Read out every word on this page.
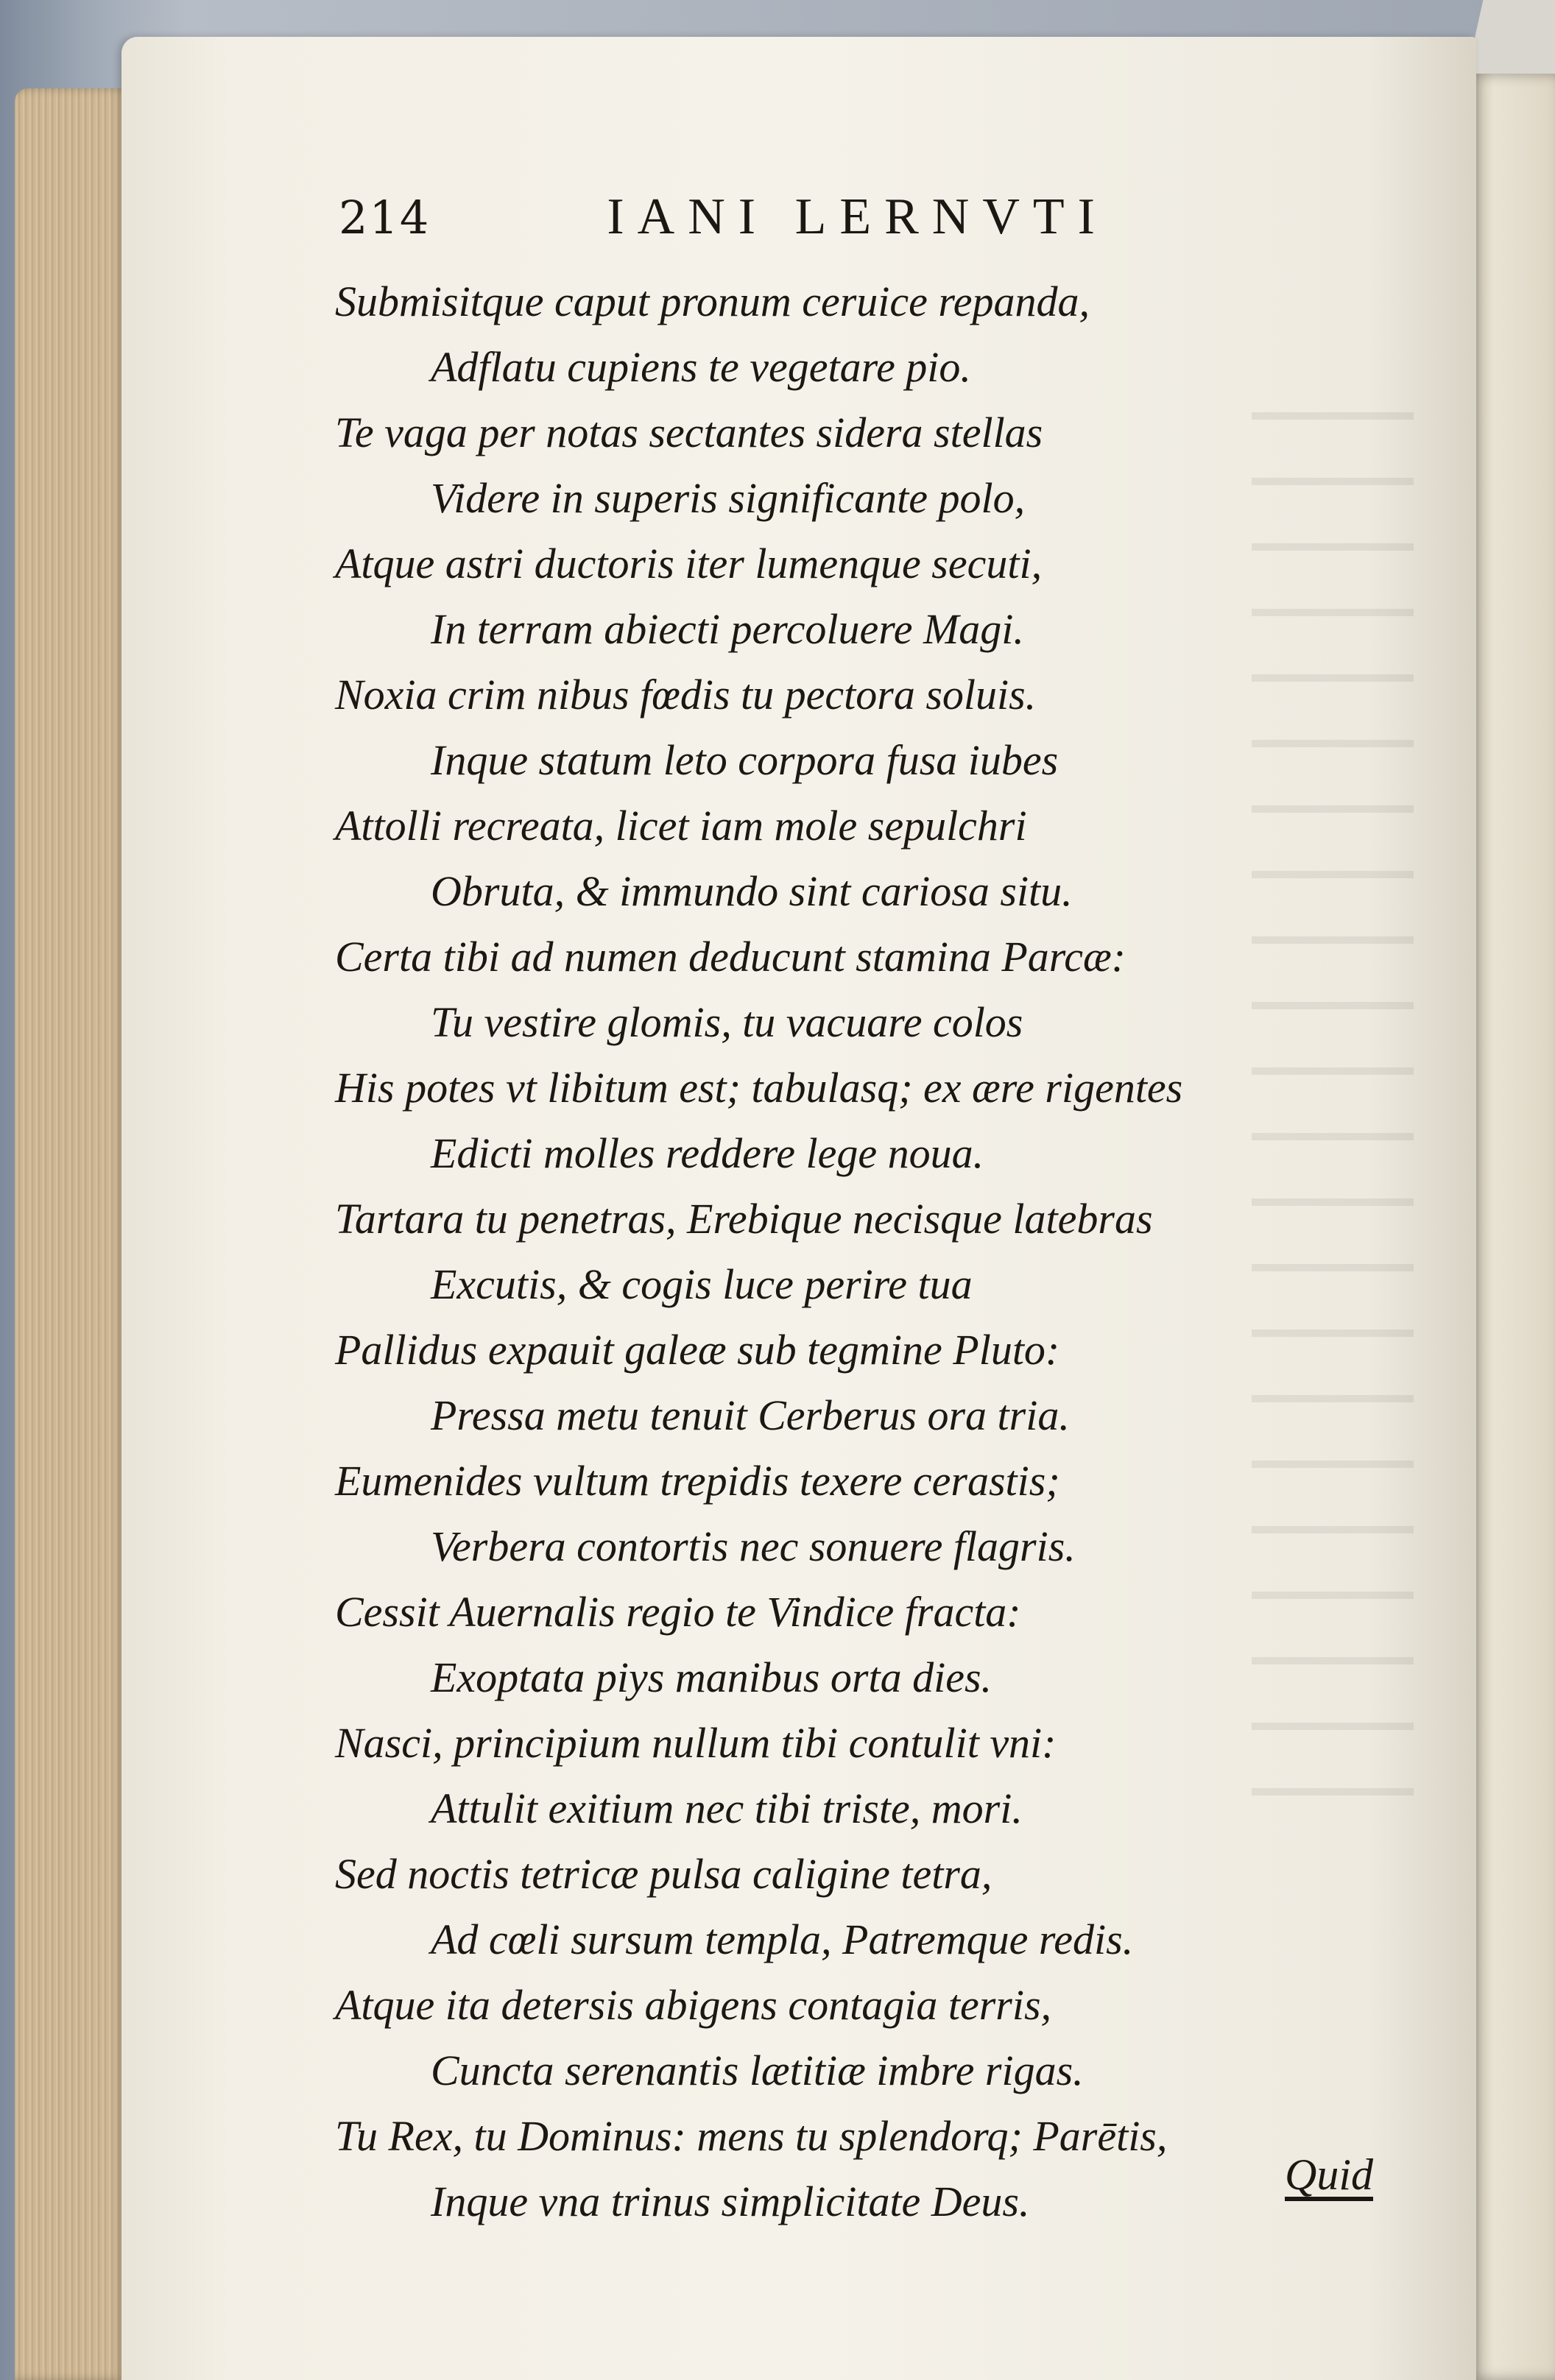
214	IANI LERNVTI
Submisitque caput pronum ceruice repanda,
Adflatu cupiens te vegetare pio.
Te vaga per notas sectantes sidera stellas
Videre in superis significante polo,
Atque astri ductoris iter lumenque secuti,
In terram abiecti percoluere Magi.
Noxia crim nibus fœdis tu pectora soluis.
Inque statum leto corpora fusa iubes
Attolli recreata, licet iam mole sepulchri
Obruta, & immundo sint cariosa situ.
Certa tibi ad numen deducunt stamina Parcæ:
Tu vestire glomis, tu vacuare colos
His potes vt libitum est; tabulasq; ex ære rigentes
Edicti molles reddere lege noua.
Tartara tu penetras, Erebique necisque latebras
Excutis, & cogis luce perire tua
Pallidus expauit galeæ sub tegmine Pluto:
Pressa metu tenuit Cerberus ora tria.
Eumenides vultum trepidis texere cerastis;
Verbera contortis nec sonuere flagris.
Cessit Auernalis regio te Vindice fracta:
Exoptata piys manibus orta dies.
Nasci, principium nullum tibi contulit vni:
Attulit exitium nec tibi triste, mori.
Sed noctis tetricæ pulsa caligine tetra,
Ad cœli sursum templa, Patremque redis.
Atque ita detersis abigens contagia terris,
Cuncta serenantis lætitiæ imbre rigas.
Tu Rex, tu Dominus: mens tu splendorq; Parētis,
Inque vna trinus simplicitate Deus.
Quid
